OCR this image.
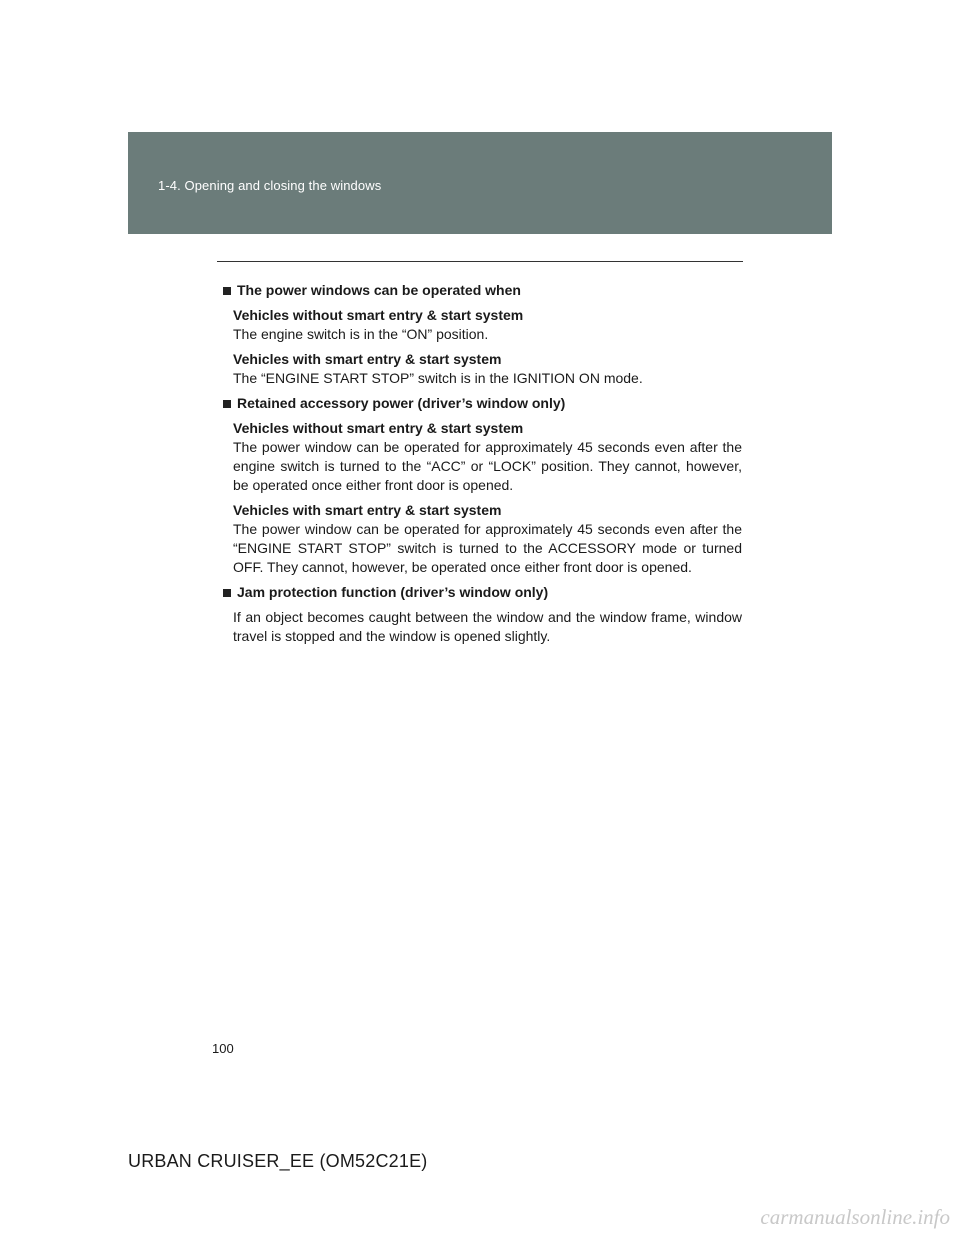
1-4. Opening and closing the windows
The power windows can be operated when
Vehicles without smart entry & start system
The engine switch is in the “ON” position.
Vehicles with smart entry & start system
The “ENGINE START STOP” switch is in the IGNITION ON mode.
Retained accessory power (driver’s window only)
Vehicles without smart entry & start system
The power window can be operated for approximately 45 seconds even after the engine switch is turned to the “ACC” or “LOCK” position. They cannot, however, be operated once either front door is opened.
Vehicles with smart entry & start system
The power window can be operated for approximately 45 seconds even after the “ENGINE START STOP” switch is turned to the ACCESSORY mode or turned OFF. They cannot, however, be operated once either front door is opened.
Jam protection function (driver’s window only)
If an object becomes caught between the window and the window frame, window travel is stopped and the window is opened slightly.
100
URBAN CRUISER_EE (OM52C21E)
carmanualsonline.info
